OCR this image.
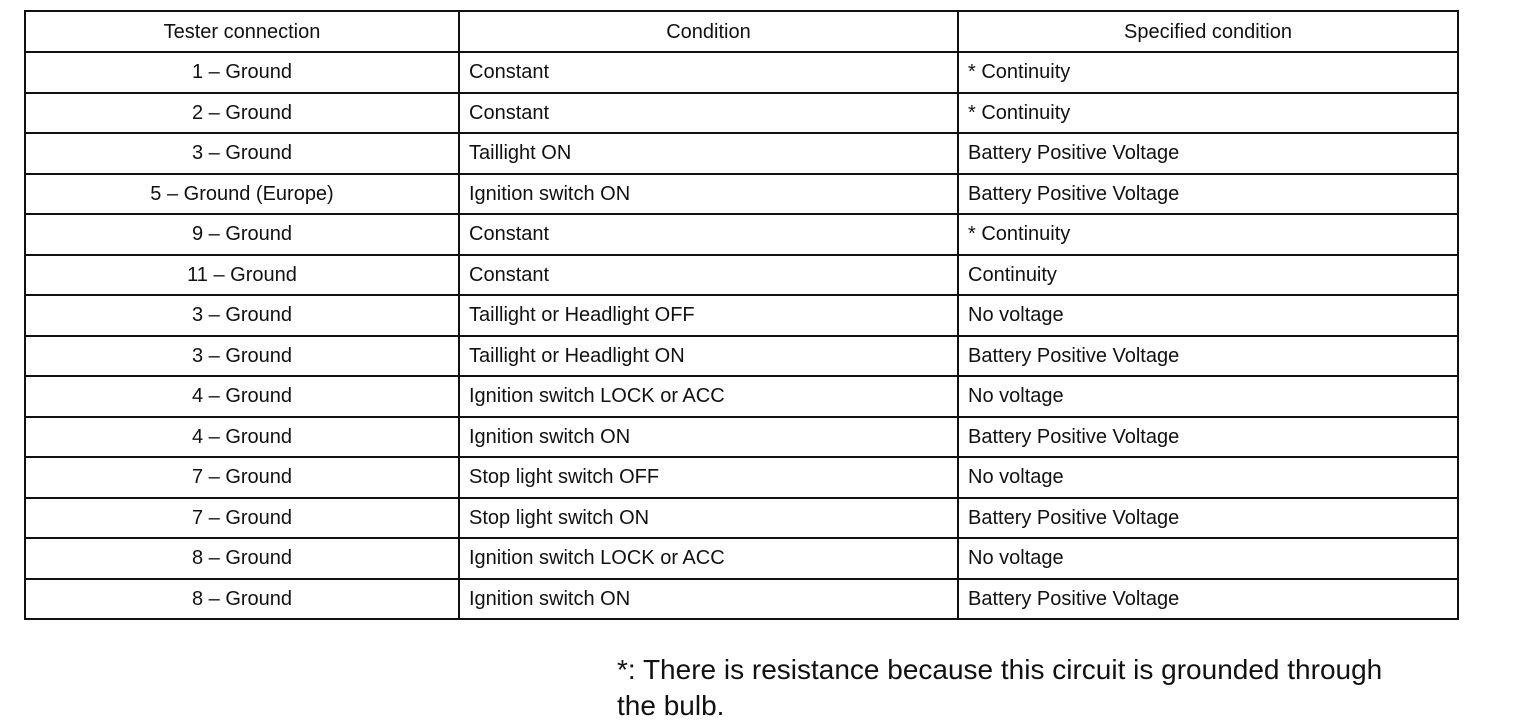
Tester connection	Condition	Specified condition
1 – Ground	Constant	* Continuity
2 – Ground	Constant	* Continuity
3 – Ground	Taillight ON	Battery Positive Voltage
5 – Ground (Europe)	Ignition switch ON	Battery Positive Voltage
9 – Ground	Constant	* Continuity
11 – Ground	Constant	Continuity
3 – Ground	Taillight or Headlight OFF	No voltage
3 – Ground	Taillight or Headlight ON	Battery Positive Voltage
4 – Ground	Ignition switch LOCK or ACC	No voltage
4 – Ground	Ignition switch ON	Battery Positive Voltage
7 – Ground	Stop light switch OFF	No voltage
7 – Ground	Stop light switch ON	Battery Positive Voltage
8 – Ground	Ignition switch LOCK or ACC	No voltage
8 – Ground	Ignition switch ON	Battery Positive Voltage
*: There is resistance because this circuit is grounded through
the bulb.
